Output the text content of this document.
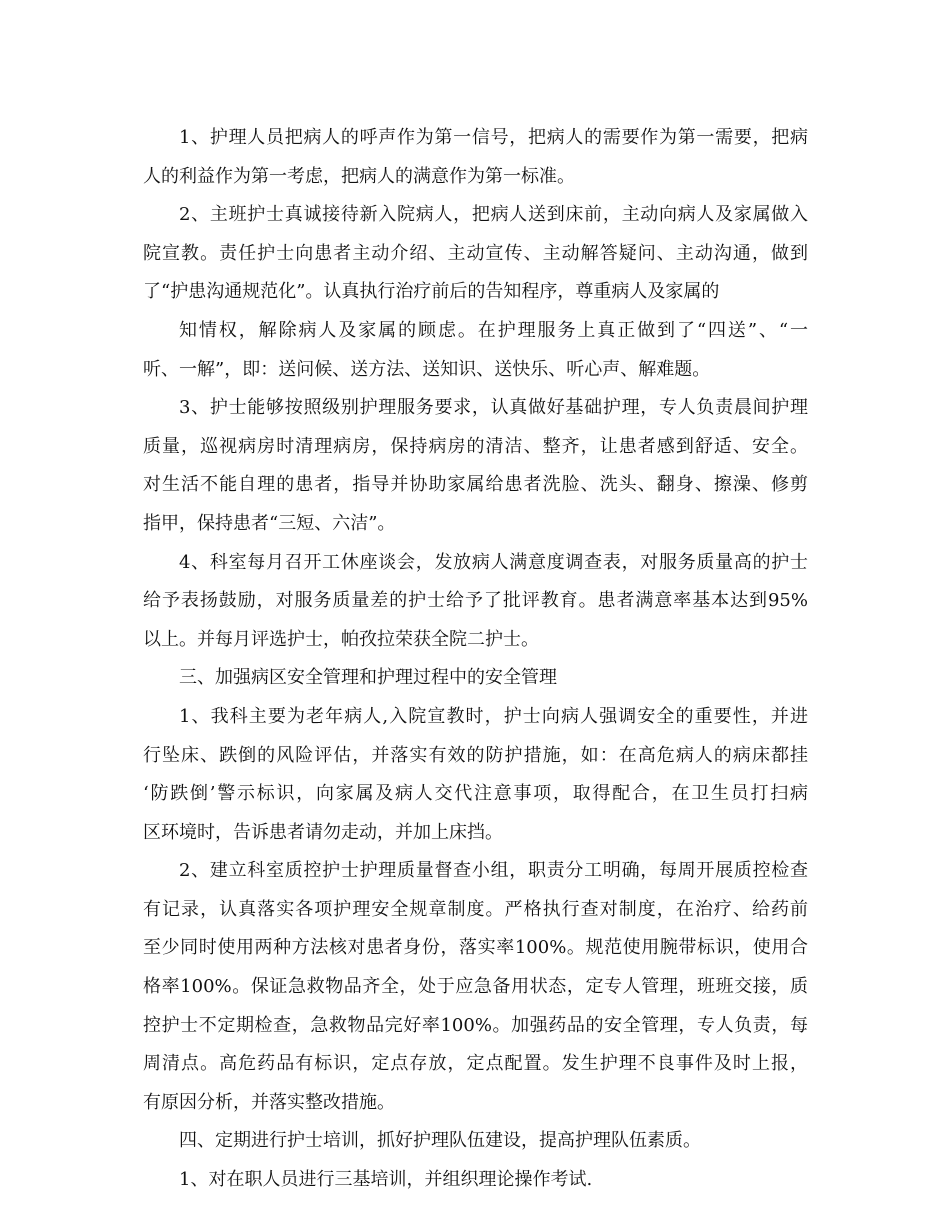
1、护理人员把病人的呼声作为第一信号，把病人的需要作为第一需要，把病
人的利益作为第一考虑，把病人的满意作为第一标准。
2、主班护士真诚接待新入院病人，把病人送到床前，主动向病人及家属做入
院宣教。责任护士向患者主动介绍、主动宣传、主动解答疑问、主动沟通，做到
了“护患沟通规范化”。认真执行治疗前后的告知程序，尊重病人及家属的
知情权，解除病人及家属的顾虑。在护理服务上真正做到了“四送”、“一
听、一解”，即：送问候、送方法、送知识、送快乐、听心声、解难题。
3、护士能够按照级别护理服务要求，认真做好基础护理，专人负责晨间护理
质量，巡视病房时清理病房，保持病房的清洁、整齐，让患者感到舒适、安全。
对生活不能自理的患者，指导并协助家属给患者洗脸、洗头、翻身、擦澡、修剪
指甲，保持患者“三短、六洁”。
4、科室每月召开工休座谈会，发放病人满意度调查表，对服务质量高的护士
给予表扬鼓励，对服务质量差的护士给予了批评教育。患者满意率基本达到95%
以上。并每月评选护士，帕孜拉荣获全院二护士。
三、加强病区安全管理和护理过程中的安全管理
1、我科主要为老年病人,入院宣教时，护士向病人强调安全的重要性，并进
行坠床、跌倒的风险评估，并落实有效的防护措施，如：在高危病人的病床都挂
‘防跌倒’警示标识，向家属及病人交代注意事项，取得配合，在卫生员打扫病
区环境时，告诉患者请勿走动，并加上床挡。
2、建立科室质控护士护理质量督查小组，职责分工明确，每周开展质控检查
有记录，认真落实各项护理安全规章制度。严格执行查对制度，在治疗、给药前
至少同时使用两种方法核对患者身份，落实率100%。规范使用腕带标识，使用合
格率100%。保证急救物品齐全，处于应急备用状态，定专人管理，班班交接，质
控护士不定期检查，急救物品完好率100%。加强药品的安全管理，专人负责，每
周清点。高危药品有标识，定点存放，定点配置。发生护理不良事件及时上报，
有原因分析，并落实整改措施。
四、定期进行护士培训，抓好护理队伍建设，提高护理队伍素质。
1、对在职人员进行三基培训，并组织理论操作考试.
